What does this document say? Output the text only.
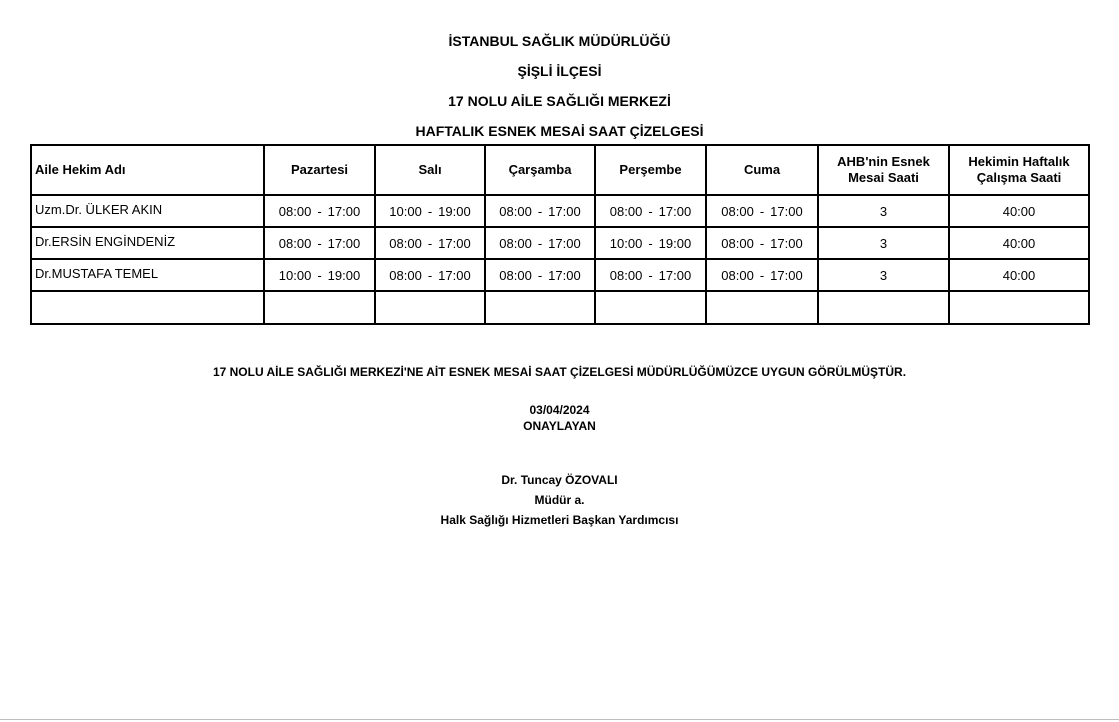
İSTANBUL SAĞLIK MÜDÜRLÜĞÜ
ŞİŞLİ İLÇESİ
17 NOLU AİLE SAĞLIĞI MERKEZİ
HAFTALIK ESNEK MESAİ SAAT ÇİZELGESİ
Aile Hekim Adı	Pazartesi	Salı	Çarşamba	Perşembe	Cuma	AHB'nin Esnek Mesai Saati	Hekimin Haftalık Çalışma Saati
Uzm.Dr. ÜLKER AKIN	08:00 - 17:00	10:00 - 19:00	08:00 - 17:00	08:00 - 17:00	08:00 - 17:00	3	40:00
Dr.ERSİN ENGİNDENİZ	08:00 - 17:00	08:00 - 17:00	08:00 - 17:00	10:00 - 19:00	08:00 - 17:00	3	40:00
Dr.MUSTAFA TEMEL	10:00 - 19:00	08:00 - 17:00	08:00 - 17:00	08:00 - 17:00	08:00 - 17:00	3	40:00

17 NOLU AİLE SAĞLIĞI MERKEZİ'NE AİT ESNEK MESAİ SAAT ÇİZELGESİ MÜDÜRLÜĞÜMÜZCE UYGUN GÖRÜLMÜŞTÜR.
03/04/2024
ONAYLAYAN
Dr. Tuncay ÖZOVALI
Müdür a.
Halk Sağlığı Hizmetleri Başkan Yardımcısı
